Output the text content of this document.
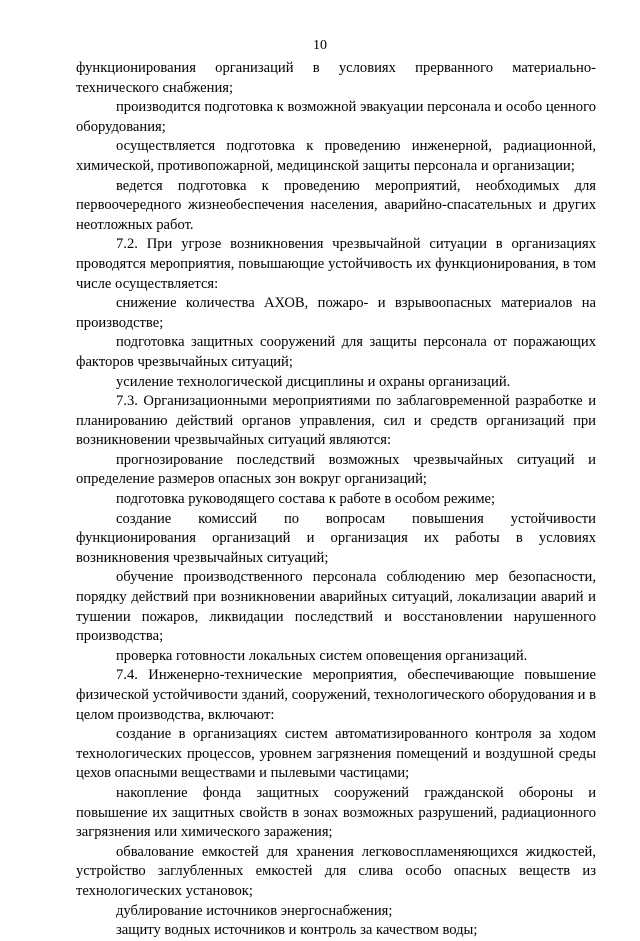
10

функционирования организаций в условиях прерванного материально-технического снабжения;

производится подготовка к возможной эвакуации персонала и особо ценного оборудования;

осуществляется подготовка к проведению инженерной, радиационной, химической, противопожарной, медицинской защиты персонала и организации;

ведется подготовка к проведению мероприятий, необходимых для первоочередного жизнеобеспечения населения, аварийно-спасательных и других неотложных работ.

7.2. При угрозе возникновения чрезвычайной ситуации в организациях проводятся мероприятия, повышающие устойчивость их функционирования, в том числе осуществляется:

снижение количества АХОВ, пожаро- и взрывоопасных материалов на производстве;

подготовка защитных сооружений для защиты персонала от поражающих факторов чрезвычайных ситуаций;

усиление технологической дисциплины и охраны организаций.

7.3. Организационными мероприятиями по заблаговременной разработке и планированию действий органов управления, сил и средств организаций при возникновении чрезвычайных ситуаций являются:

прогнозирование последствий возможных чрезвычайных ситуаций и определение размеров опасных зон вокруг организаций;

подготовка руководящего состава к работе в особом режиме;

создание комиссий по вопросам повышения устойчивости функционирования организаций и организация их работы в условиях возникновения чрезвычайных ситуаций;

обучение производственного персонала соблюдению мер безопасности, порядку действий при возникновении аварийных ситуаций, локализации аварий и тушении пожаров, ликвидации последствий и восстановлении нарушенного производства;

проверка готовности локальных систем оповещения организаций.

7.4. Инженерно-технические мероприятия, обеспечивающие повышение физической устойчивости зданий, сооружений, технологического оборудования и в целом производства, включают:

создание в организациях систем автоматизированного контроля за ходом технологических процессов, уровнем загрязнения помещений и воздушной среды цехов опасными веществами и пылевыми частицами;

накопление фонда защитных сооружений гражданской обороны и повышение их защитных свойств в зонах возможных разрушений, радиационного загрязнения или химического заражения;

обвалование емкостей для хранения легковоспламеняющихся жидкостей, устройство заглубленных емкостей для слива особо опасных веществ из технологических установок;

дублирование источников энергоснабжения;

защиту водных источников и контроль за качеством воды;
